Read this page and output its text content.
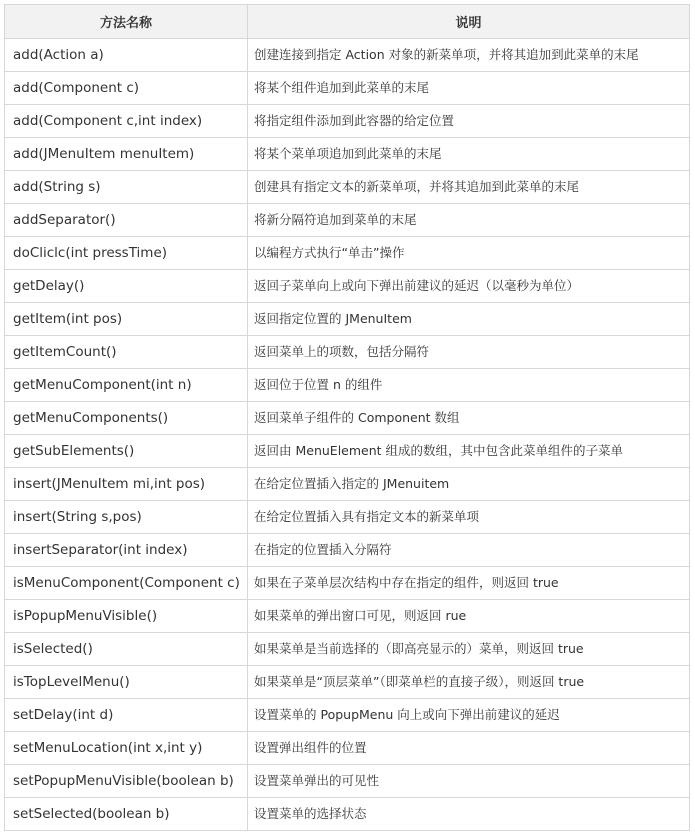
方法名称	说明
add(Action a)	创建连接到指定 Action 对象的新菜单项，并将其追加到此菜单的末尾
add(Component c)	将某个组件追加到此菜单的末尾
add(Component c,int index)	将指定组件添加到此容器的给定位置
add(JMenuItem menuItem)	将某个菜单项追加到此菜单的末尾
add(String s)	创建具有指定文本的新菜单项，并将其追加到此菜单的末尾
addSeparator()	将新分隔符追加到菜单的末尾
doCliclc(int pressTime)	以编程方式执行“单击”操作
getDelay()	返回子菜单向上或向下弹出前建议的延迟（以毫秒为单位）
getItem(int pos)	返回指定位置的 JMenuItem
getItemCount()	返回菜单上的项数，包括分隔符
getMenuComponent(int n)	返回位于位置 n 的组件
getMenuComponents()	返回菜单子组件的 Component 数组
getSubElements()	返回由 MenuElement 组成的数组，其中包含此菜单组件的子菜单
insert(JMenuItem mi,int pos)	在给定位置插入指定的 JMenuitem
insert(String s,pos)	在给定位置插入具有指定文本的新菜单项
insertSeparator(int index)	在指定的位置插入分隔符
isMenuComponent(Component c)	如果在子菜单层次结构中存在指定的组件，则返回 true
isPopupMenuVisible()	如果菜单的弹出窗口可见，则返回 rue
isSelected()	如果菜单是当前选择的（即高亮显示的）菜单，则返回 true
isTopLevelMenu()	如果菜单是“顶层菜单”（即菜单栏的直接子级），则返回 true
setDelay(int d)	设置菜单的 PopupMenu 向上或向下弹出前建议的延迟
setMenuLocation(int x,int y)	设置弹出组件的位置
setPopupMenuVisible(boolean b)	设置菜单弹出的可见性
setSelected(boolean b)	设置菜单的选择状态
